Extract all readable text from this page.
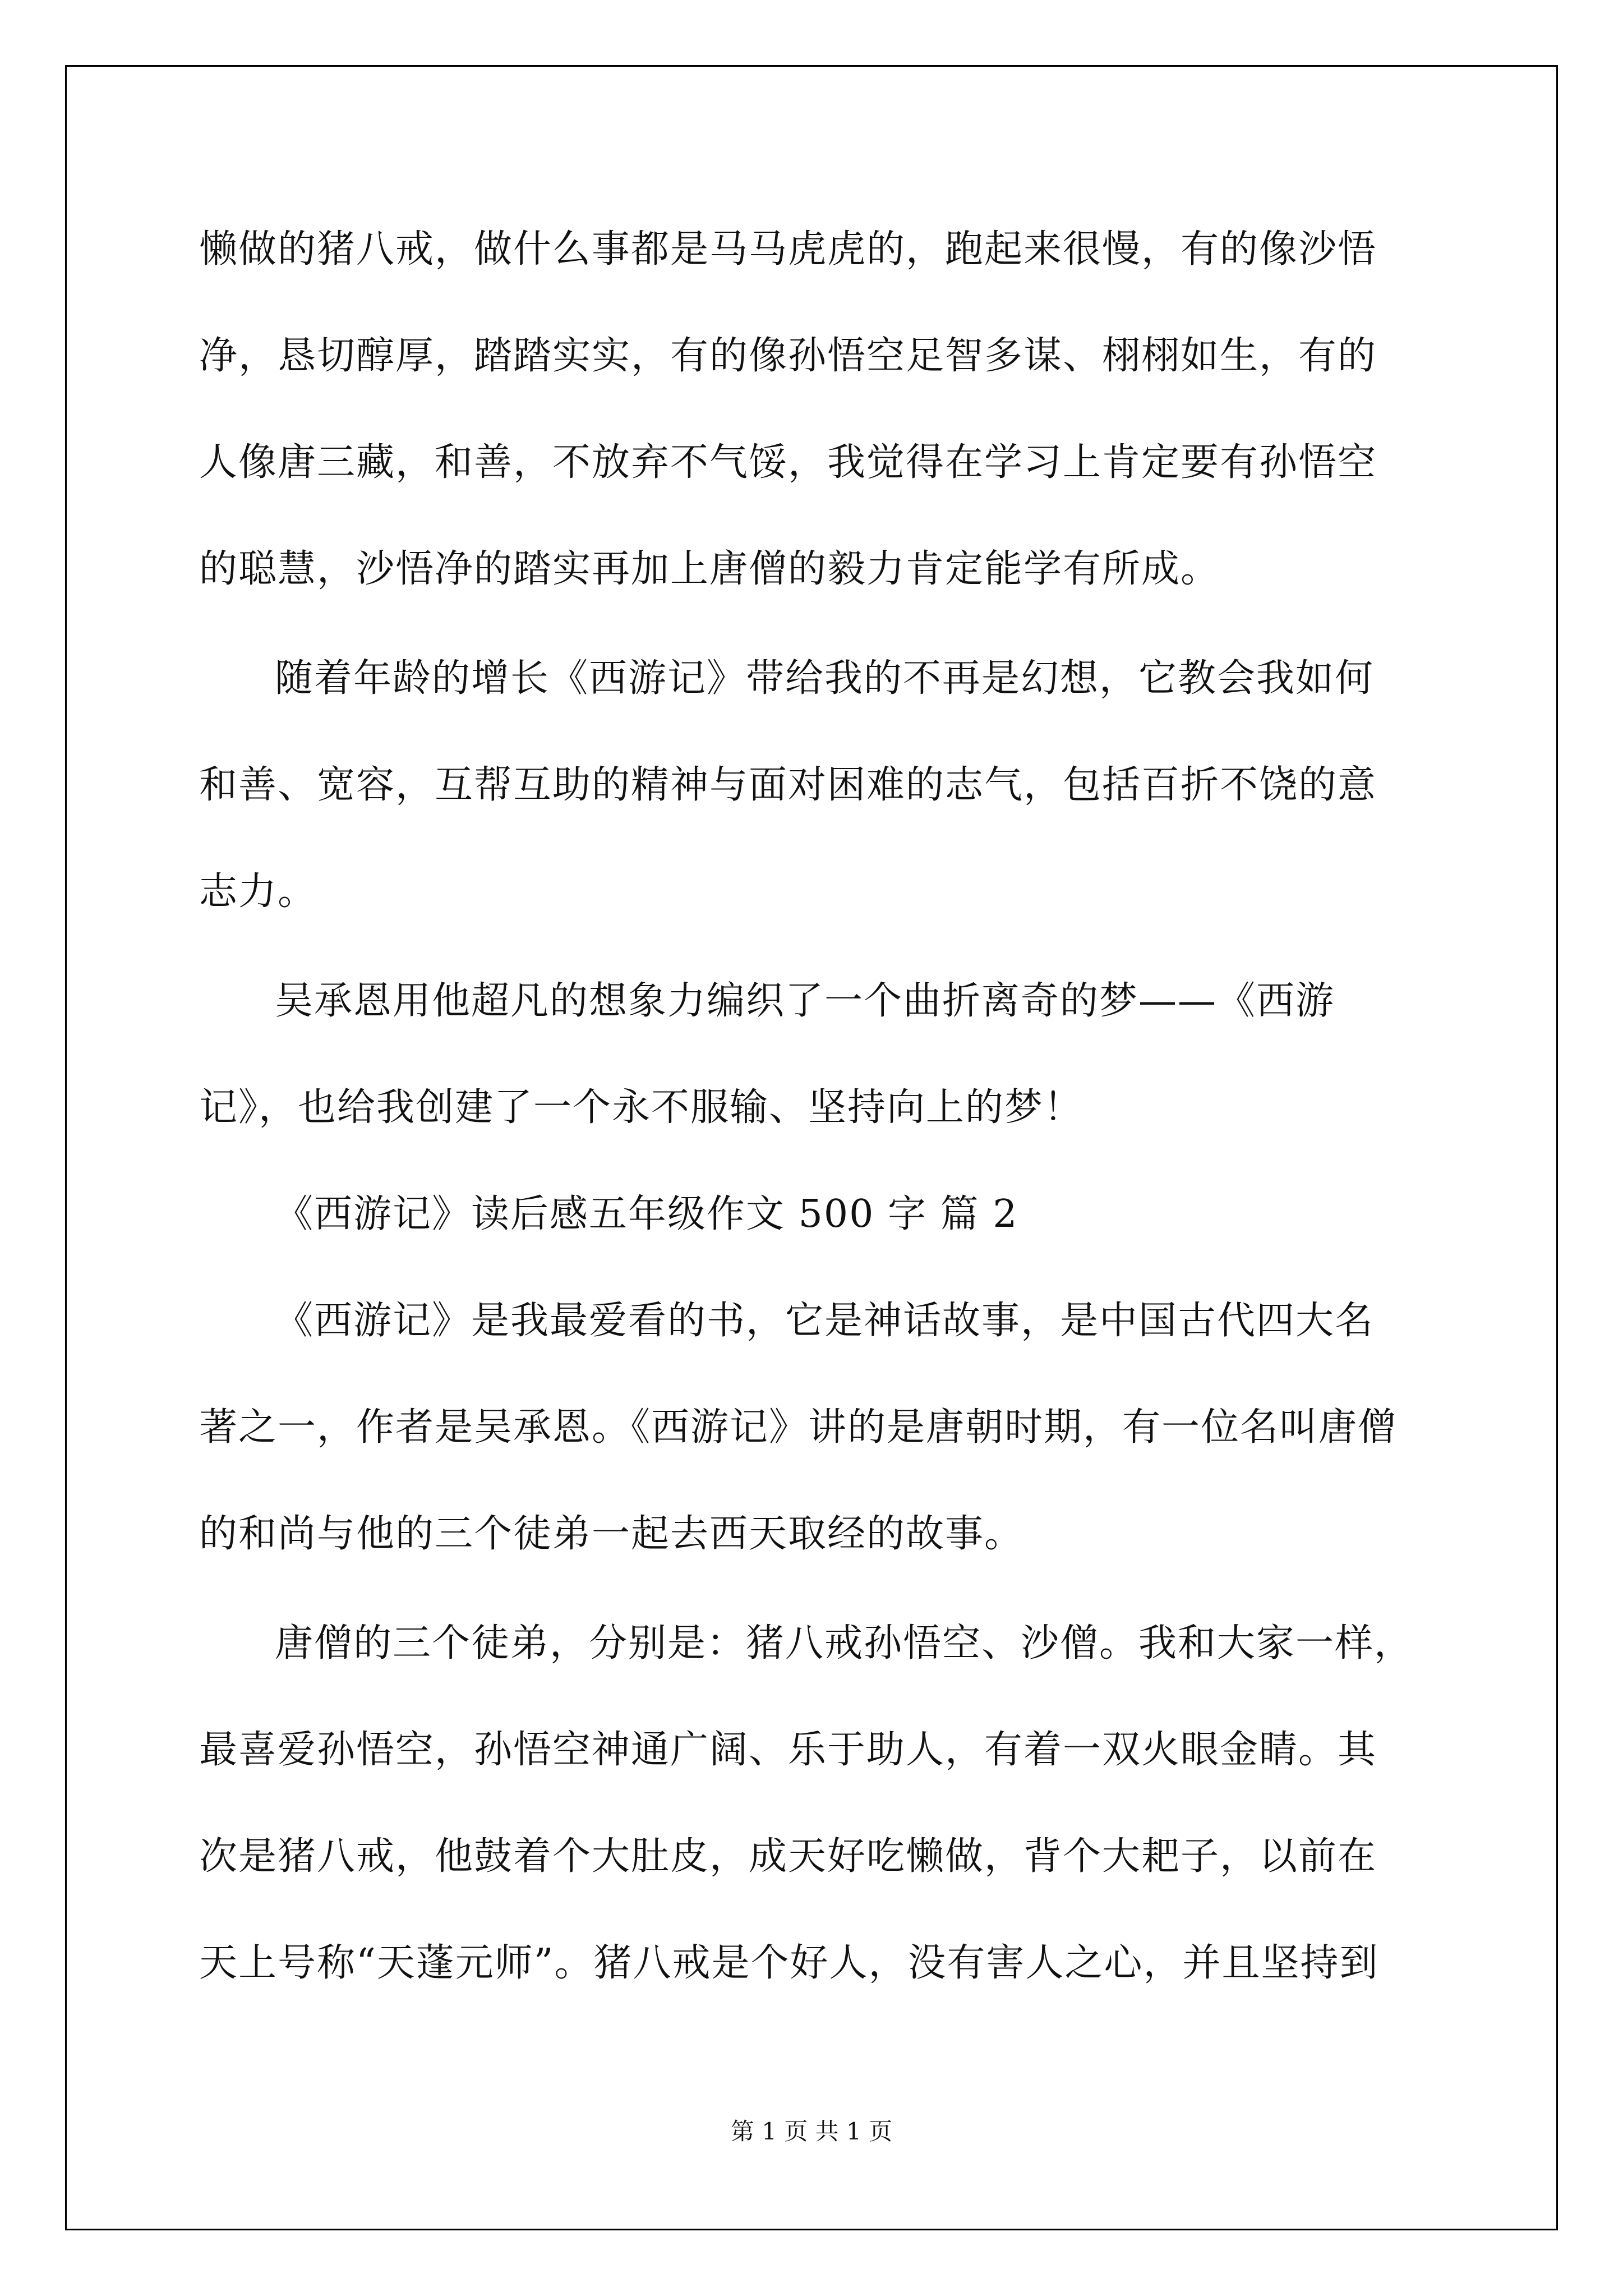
懒做的猪八戒，做什么事都是马马虎虎的，跑起来很慢，有的像沙悟
净，恳切醇厚，踏踏实实，有的像孙悟空足智多谋、栩栩如生，有的
人像唐三藏，和善，不放弃不气馁，我觉得在学习上肯定要有孙悟空
的聪慧，沙悟净的踏实再加上唐僧的毅力肯定能学有所成。
随着年龄的增长《西游记》带给我的不再是幻想，它教会我如何
和善、宽容，互帮互助的精神与面对困难的志气，包括百折不饶的意
志力。
吴承恩用他超凡的想象力编织了一个曲折离奇的梦——《西游
记》，也给我创建了一个永不服输、坚持向上的梦！
《西游记》读后感五年级作文 500 字 篇 2
《西游记》是我最爱看的书，它是神话故事，是中国古代四大名
著之一，作者是吴承恩。《西游记》讲的是唐朝时期，有一位名叫唐僧
的和尚与他的三个徒弟一起去西天取经的故事。
唐僧的三个徒弟，分别是：猪八戒孙悟空、沙僧。我和大家一样，
最喜爱孙悟空，孙悟空神通广阔、乐于助人，有着一双火眼金睛。其
次是猪八戒，他鼓着个大肚皮，成天好吃懒做，背个大耙子，以前在
天上号称“天蓬元师”。猪八戒是个好人，没有害人之心，并且坚持到
第 1 页 共 1 页
